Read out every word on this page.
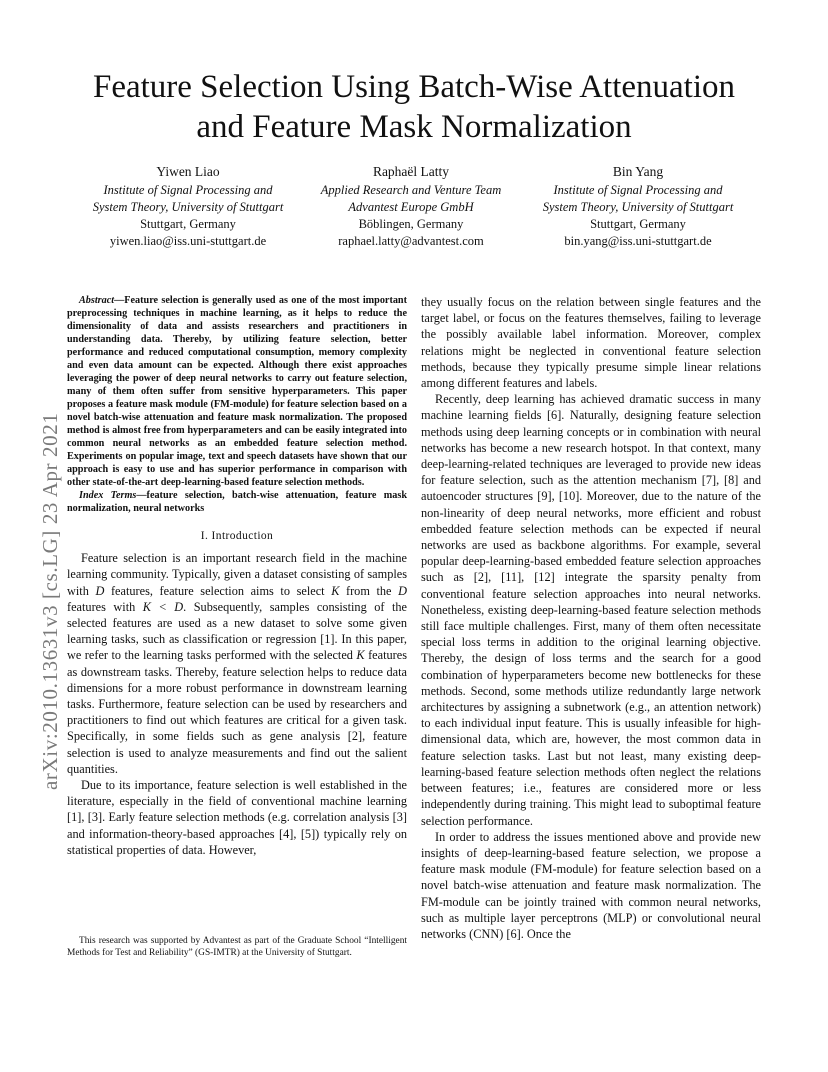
arXiv:2010.13631v3 [cs.LG] 23 Apr 2021
Feature Selection Using Batch-Wise Attenuation
and Feature Mask Normalization
Yiwen Liao
Institute of Signal Processing and
System Theory, University of Stuttgart
Stuttgart, Germany
yiwen.liao@iss.uni-stuttgart.de
Raphaël Latty
Applied Research and Venture Team
Advantest Europe GmbH
Böblingen, Germany
raphael.latty@advantest.com
Bin Yang
Institute of Signal Processing and
System Theory, University of Stuttgart
Stuttgart, Germany
bin.yang@iss.uni-stuttgart.de

Abstract—Feature selection is generally used as one of the most important preprocessing techniques in machine learning, as it helps to reduce the dimensionality of data and assists researchers and practitioners in understanding data. Thereby, by utilizing feature selection, better performance and reduced computational consumption, memory complexity and even data amount can be expected. Although there exist approaches leveraging the power of deep neural networks to carry out feature selection, many of them often suffer from sensitive hyperparameters. This paper proposes a feature mask module (FM-module) for feature selection based on a novel batch-wise attenuation and feature mask normalization. The proposed method is almost free from hyperparameters and can be easily integrated into common neural networks as an embedded feature selection method. Experiments on popular image, text and speech datasets have shown that our approach is easy to use and has superior performance in comparison with other state-of-the-art deep-learning-based feature selection methods.

Index Terms—feature selection, batch-wise attenuation, feature mask normalization, neural networks

I. Introduction

Feature selection is an important research field in the machine learning community. Typically, given a dataset consisting of samples with D features, feature selection aims to select K from the D features with K < D. Subsequently, samples consisting of the selected features are used as a new dataset to solve some given learning tasks, such as classification or regression [1]. In this paper, we refer to the learning tasks performed with the selected K features as downstream tasks. Thereby, feature selection helps to reduce data dimensions for a more robust performance in downstream learning tasks. Furthermore, feature selection can be used by researchers and practitioners to find out which features are critical for a given task. Specifically, in some fields such as gene analysis [2], feature selection is used to analyze measurements and find out the salient quantities.

Due to its importance, feature selection is well established in the literature, especially in the field of conventional machine learning [1], [3]. Early feature selection methods (e.g. correlation analysis [3] and information-theory-based approaches [4], [5]) typically rely on statistical properties of data. However,

This research was supported by Advantest as part of the Graduate School “Intelligent Methods for Test and Reliability” (GS-IMTR) at the University of Stuttgart.

they usually focus on the relation between single features and the target label, or focus on the features themselves, failing to leverage the possibly available label information. Moreover, complex relations might be neglected in conventional feature selection methods, because they typically presume simple linear relations among different features and labels.

Recently, deep learning has achieved dramatic success in many machine learning fields [6]. Naturally, designing feature selection methods using deep learning concepts or in combination with neural networks has become a new research hotspot. In that context, many deep-learning-related techniques are leveraged to provide new ideas for feature selection, such as the attention mechanism [7], [8] and autoencoder structures [9], [10]. Moreover, due to the nature of the non-linearity of deep neural networks, more efficient and robust embedded feature selection methods can be expected if neural networks are used as backbone algorithms. For example, several popular deep-learning-based embedded feature selection approaches such as [2], [11], [12] integrate the sparsity penalty from conventional feature selection approaches into neural networks. Nonetheless, existing deep-learning-based feature selection methods still face multiple challenges. First, many of them often necessitate special loss terms in addition to the original learning objective. Thereby, the design of loss terms and the search for a good combination of hyperparameters become new bottlenecks for these methods. Second, some methods utilize redundantly large network architectures by assigning a subnetwork (e.g., an attention network) to each individual input feature. This is usually infeasible for high-dimensional data, which are, however, the most common data in feature selection tasks. Last but not least, many existing deep-learning-based feature selection methods often neglect the relations between features; i.e., features are considered more or less independently during training. This might lead to suboptimal feature selection performance.

In order to address the issues mentioned above and provide new insights of deep-learning-based feature selection, we propose a feature mask module (FM-module) for feature selection based on a novel batch-wise attenuation and feature mask normalization. The FM-module can be jointly trained with common neural networks, such as multiple layer perceptrons (MLP) or convolutional neural networks (CNN) [6]. Once the
